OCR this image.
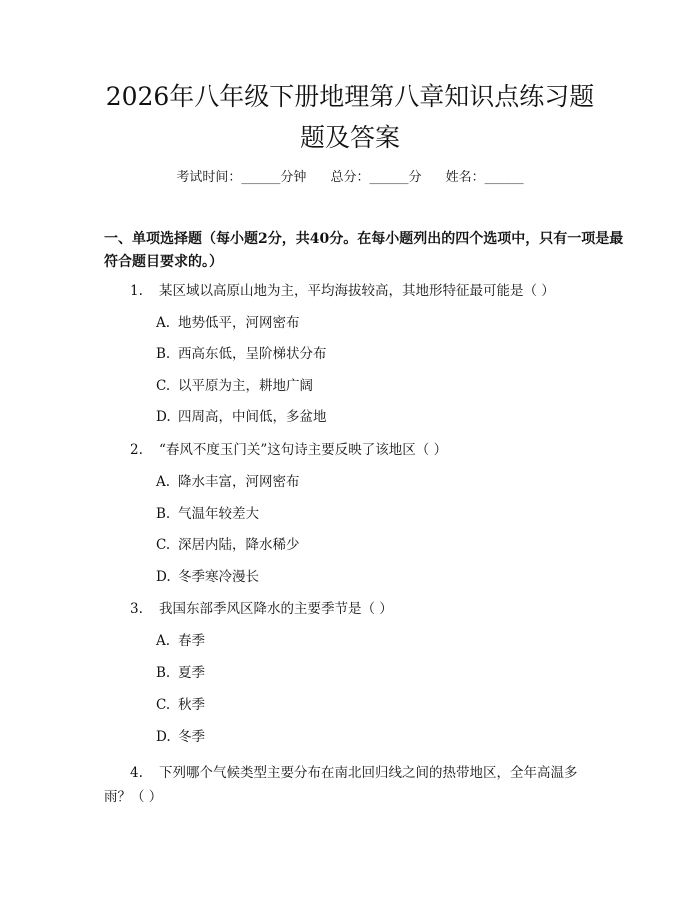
2026年八年级下册地理第八章知识点练习题
题及答案
考试时间：______分钟 总分：______分 姓名：______

一、单项选择题（每小题2分，共40分。在每小题列出的四个选项中，只有一项是最符合题目要求的。）

1. 某区域以高原山地为主，平均海拔较高，其地形特征最可能是（ ）
A. 地势低平，河网密布
B. 西高东低，呈阶梯状分布
C. 以平原为主，耕地广阔
D. 四周高，中间低，多盆地
2. “春风不度玉门关”这句诗主要反映了该地区（ ）
A. 降水丰富，河网密布
B. 气温年较差大
C. 深居内陆，降水稀少
D. 冬季寒冷漫长
3. 我国东部季风区降水的主要季节是（ ）
A. 春季
B. 夏季
C. 秋季
D. 冬季
4. 下列哪个气候类型主要分布在南北回归线之间的热带地区，全年高温多雨？（ ）
